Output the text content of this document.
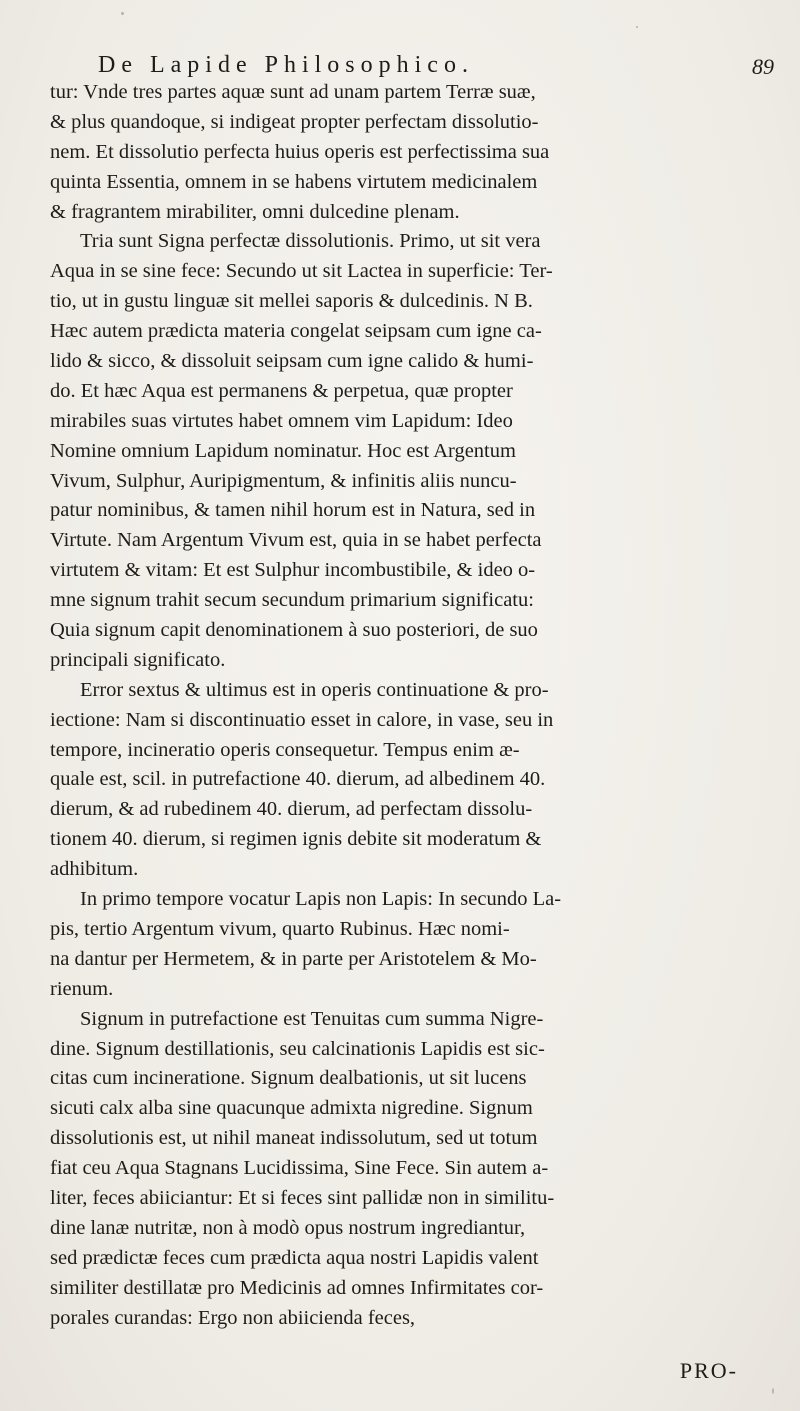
De Lapide Philosophico.	89
tur: Vnde tres partes aquæ sunt ad unam partem Terræ suæ,
& plus quandoque, si indigeat propter perfectam dissolutio-
nem. Et dissolutio perfecta huius operis est perfectissima sua
quinta Essentia, omnem in se habens virtutem medicinalem
& fragrantem mirabiliter, omni dulcedine plenam.
Tria sunt Signa perfectæ dissolutionis. Primo, ut sit vera
Aqua in se sine fece: Secundo ut sit Lactea in superficie: Ter-
tio, ut in gustu linguæ sit mellei saporis & dulcedinis. N B.
Hæc autem prædicta materia congelat seipsam cum igne ca-
lido & sicco, & dissoluit seipsam cum igne calido & humi-
do. Et hæc Aqua est permanens & perpetua, quæ propter
mirabiles suas virtutes habet omnem vim Lapidum: Ideo
Nomine omnium Lapidum nominatur. Hoc est Argentum
Vivum, Sulphur, Auripigmentum, & infinitis aliis nuncu-
patur nominibus, & tamen nihil horum est in Natura, sed in
Virtute. Nam Argentum Vivum est, quia in se habet perfecta
virtutem & vitam: Et est Sulphur incombustibile, & ideo o-
mne signum trahit secum secundum primarium significatu:
Quia signum capit denominationem à suo posteriori, de suo
principali significato.
Error sextus & ultimus est in operis continuatione & pro-
iectione: Nam si discontinuatio esset in calore, in vase, seu in
tempore, incineratio operis consequetur. Tempus enim æ-
quale est, scil. in putrefactione 40. dierum, ad albedinem 40.
dierum, & ad rubedinem 40. dierum, ad perfectam dissolu-
tionem 40. dierum, si regimen ignis debite sit moderatum &
adhibitum.
In primo tempore vocatur Lapis non Lapis: In secundo La-
pis, tertio Argentum vivum, quarto Rubinus. Hæc nomi-
na dantur per Hermetem, & in parte per Aristotelem & Mo-
rienum.
Signum in putrefactione est Tenuitas cum summa Nigre-
dine. Signum destillationis, seu calcinationis Lapidis est sic-
citas cum incineratione. Signum dealbationis, ut sit lucens
sicuti calx alba sine quacunque admixta nigredine. Signum
dissolutionis est, ut nihil maneat indissolutum, sed ut totum
fiat ceu Aqua Stagnans Lucidissima, Sine Fece. Sin autem a-
liter, feces abiiciantur: Et si feces sint pallidæ non in similitu-
dine lanæ nutritæ, non à modò opus nostrum ingrediantur,
sed prædictæ feces cum prædicta aqua nostri Lapidis valent
similiter destillatæ pro Medicinis ad omnes Infirmitates cor-
porales curandas: Ergo non abiicienda feces,
PRO-
